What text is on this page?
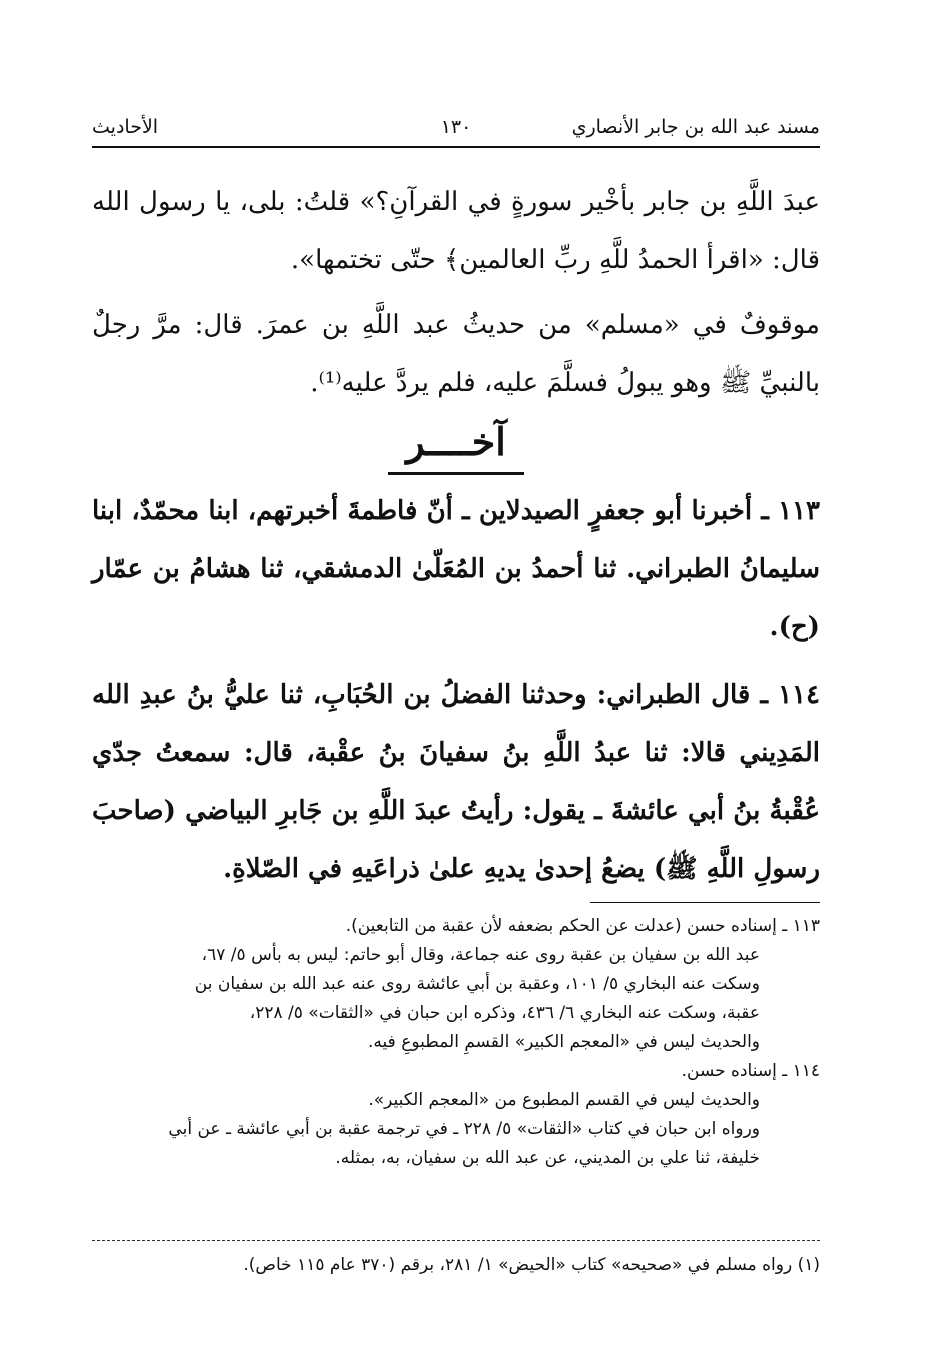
مسند عبد الله بن جابر الأنصاري
١٣٠
الأحاديث
عبدَ اللَّهِ بن جابر بأخْير سورةٍ في القرآنِ؟» قلتُ: بلى، يا رسول الله قال: «اقرأ الحمدُ للَّهِ ربِّ العالمين﴾ حتّى تختمها».
موقوفٌ في «مسلم» من حديثُ عبد اللَّهِ بن عمرَ. قال: مرَّ رجلٌ بالنبيِّ ﷺ وهو يبولُ فسلَّمَ عليه، فلم يردَّ عليه⁽¹⁾.
آخــــر
١١٣ ـ أخبرنا أبو جعفرٍ الصيدلاين ـ أنّ فاطمةَ أخبرتهم، ابنا محمّدٌ، ابنا سليمانُ الطبراني. ثنا أحمدُ بن المُعَلّىٰ الدمشقي، ثنا هشامُ بن عمّار (ح).
١١٤ ـ قال الطبراني: وحدثنا الفضلُ بن الحُبَابِ، ثنا عليُّ بنُ عبدِ الله المَدِيني قالا: ثنا عبدُ اللَّهِ بنُ سفيانَ بنُ عقْبة، قال: سمعتُ جدّي عُقْبةُ بنُ أبي عائشةَ ـ يقول: رأيتُ عبدَ اللَّهِ بن جَابرِ البياضي (صاحبَ رسولِ اللَّهِ ﷺ) يضعُ إحدىٰ يديهِ علىٰ ذراعَيهِ في الصّلاةِ.
١١٣ ـ إسناده حسن (عدلت عن الحكم بضعفه لأن عقبة من التابعين).
عبد الله بن سفيان بن عقبة روى عنه جماعة، وقال أبو حاتم: ليس به بأس ٥/ ٦٧،
وسكت عنه البخاري ٥/ ١٠١، وعقبة بن أبي عائشة روى عنه عبد الله بن سفيان بن
عقبة، وسكت عنه البخاري ٦/ ٤٣٦، وذكره ابن حبان في «الثقات» ٥/ ٢٢٨،
والحديث ليس في «المعجم الكبير» القسمِ المطبوعِ فيه.
١١٤ ـ إسناده حسن.
والحديث ليس في القسم المطبوع من «المعجم الكبير».
ورواه ابن حبان في كتاب «الثقات» ٥/ ٢٢٨ ـ في ترجمة عقبة بن أبي عائشة ـ عن أبي
خليفة، ثنا علي بن المديني، عن عبد الله بن سفيان، به، بمثله.
(١) رواه مسلم في «صحيحه» كتاب «الحيض» ١/ ٢٨١، برقم (٣٧٠ عام ١١٥ خاص).
